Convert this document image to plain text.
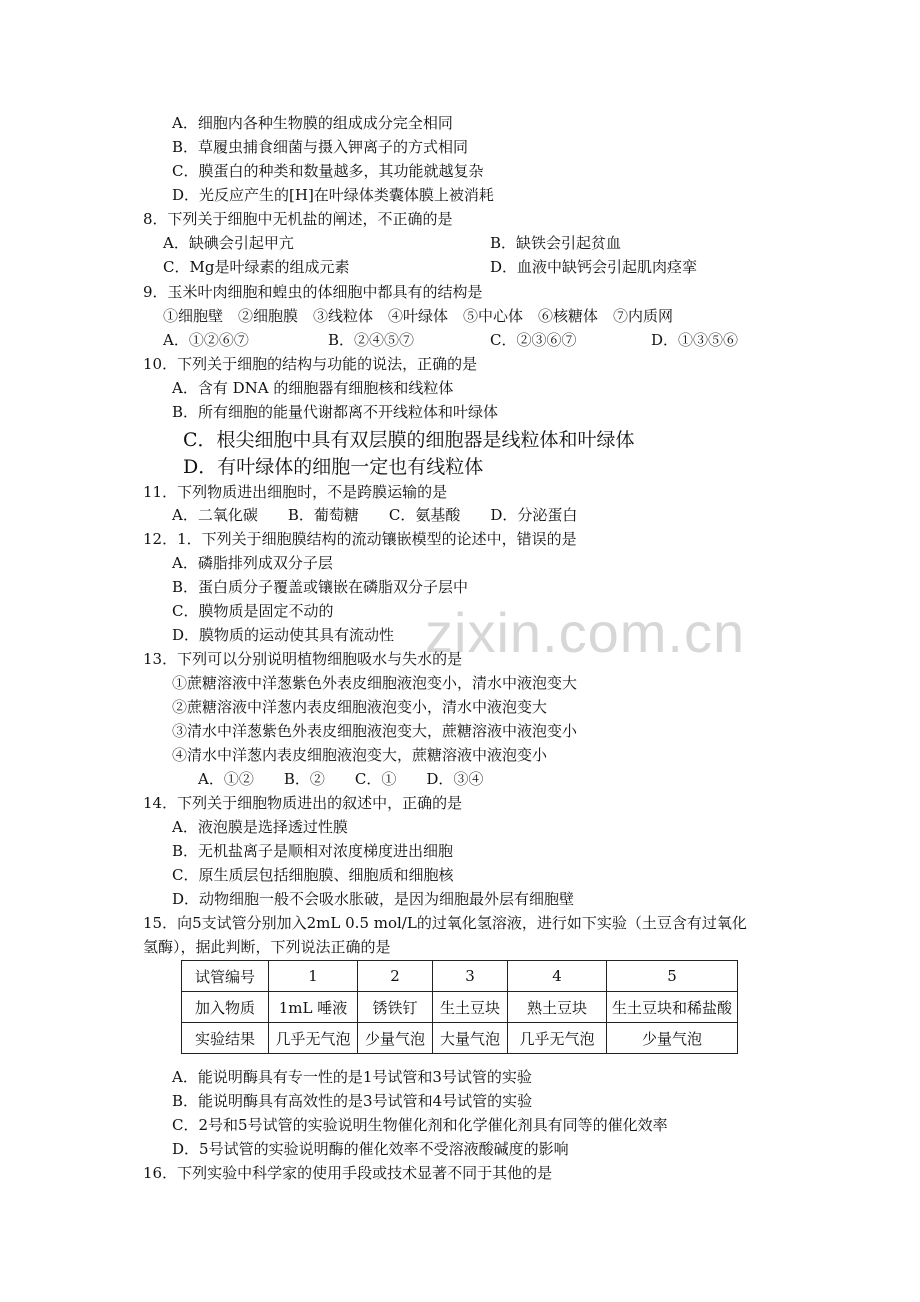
zixin.com.cn
A．细胞内各种生物膜的组成成分完全相同
B．草履虫捕食细菌与摄入钾离子的方式相同
C．膜蛋白的种类和数量越多，其功能就越复杂
D．光反应产生的[H]在叶绿体类囊体膜上被消耗
8．下列关于细胞中无机盐的阐述，不正确的是
A．缺碘会引起甲亢	B．缺铁会引起贫血
C．Mg是叶绿素的组成元素	D．血液中缺钙会引起肌肉痉挛
9．玉米叶肉细胞和蝗虫的体细胞中都具有的结构是
①细胞壁　②细胞膜　③线粒体　④叶绿体　⑤中心体　⑥核糖体　⑦内质网
A．①②⑥⑦	B．②④⑤⑦	C．②③⑥⑦	D．①③⑤⑥
10．下列关于细胞的结构与功能的说法，正确的是
A．含有 DNA 的细胞器有细胞核和线粒体
B．所有细胞的能量代谢都离不开线粒体和叶绿体
C．根尖细胞中具有双层膜的细胞器是线粒体和叶绿体
D．有叶绿体的细胞一定也有线粒体
11．下列物质进出细胞时，不是跨膜运输的是
A．二氧化碳　　B．葡萄糖　　C．氨基酸　　D．分泌蛋白
12．1．下列关于细胞膜结构的流动镶嵌模型的论述中，错误的是
A．磷脂排列成双分子层
B．蛋白质分子覆盖或镶嵌在磷脂双分子层中
C．膜物质是固定不动的
D．膜物质的运动使其具有流动性
13．下列可以分别说明植物细胞吸水与失水的是
①蔗糖溶液中洋葱紫色外表皮细胞液泡变小，清水中液泡变大
②蔗糖溶液中洋葱内表皮细胞液泡变小，清水中液泡变大
③清水中洋葱紫色外表皮细胞液泡变大，蔗糖溶液中液泡变小
④清水中洋葱内表皮细胞液泡变大，蔗糖溶液中液泡变小
A．①②　　B．②　　C．①　　D．③④
14．下列关于细胞物质进出的叙述中，正确的是
A．液泡膜是选择透过性膜
B．无机盐离子是顺相对浓度梯度进出细胞
C．原生质层包括细胞膜、细胞质和细胞核
D．动物细胞一般不会吸水胀破，是因为细胞最外层有细胞壁
15．向5支试管分别加入2mL 0.5 mol/L的过氧化氢溶液，进行如下实验（土豆含有过氧化
氢酶），据此判断，下列说法正确的是
试管编号	1	2	3	4	5
加入物质	1mL 唾液	锈铁钉	生土豆块	熟土豆块	生土豆块和稀盐酸
实验结果	几乎无气泡	少量气泡	大量气泡	几乎无气泡	少量气泡
A．能说明酶具有专一性的是1号试管和3号试管的实验
B．能说明酶具有高效性的是3号试管和4号试管的实验
C．2号和5号试管的实验说明生物催化剂和化学催化剂具有同等的催化效率
D．5号试管的实验说明酶的催化效率不受溶液酸碱度的影响
16．下列实验中科学家的使用手段或技术显著不同于其他的是
